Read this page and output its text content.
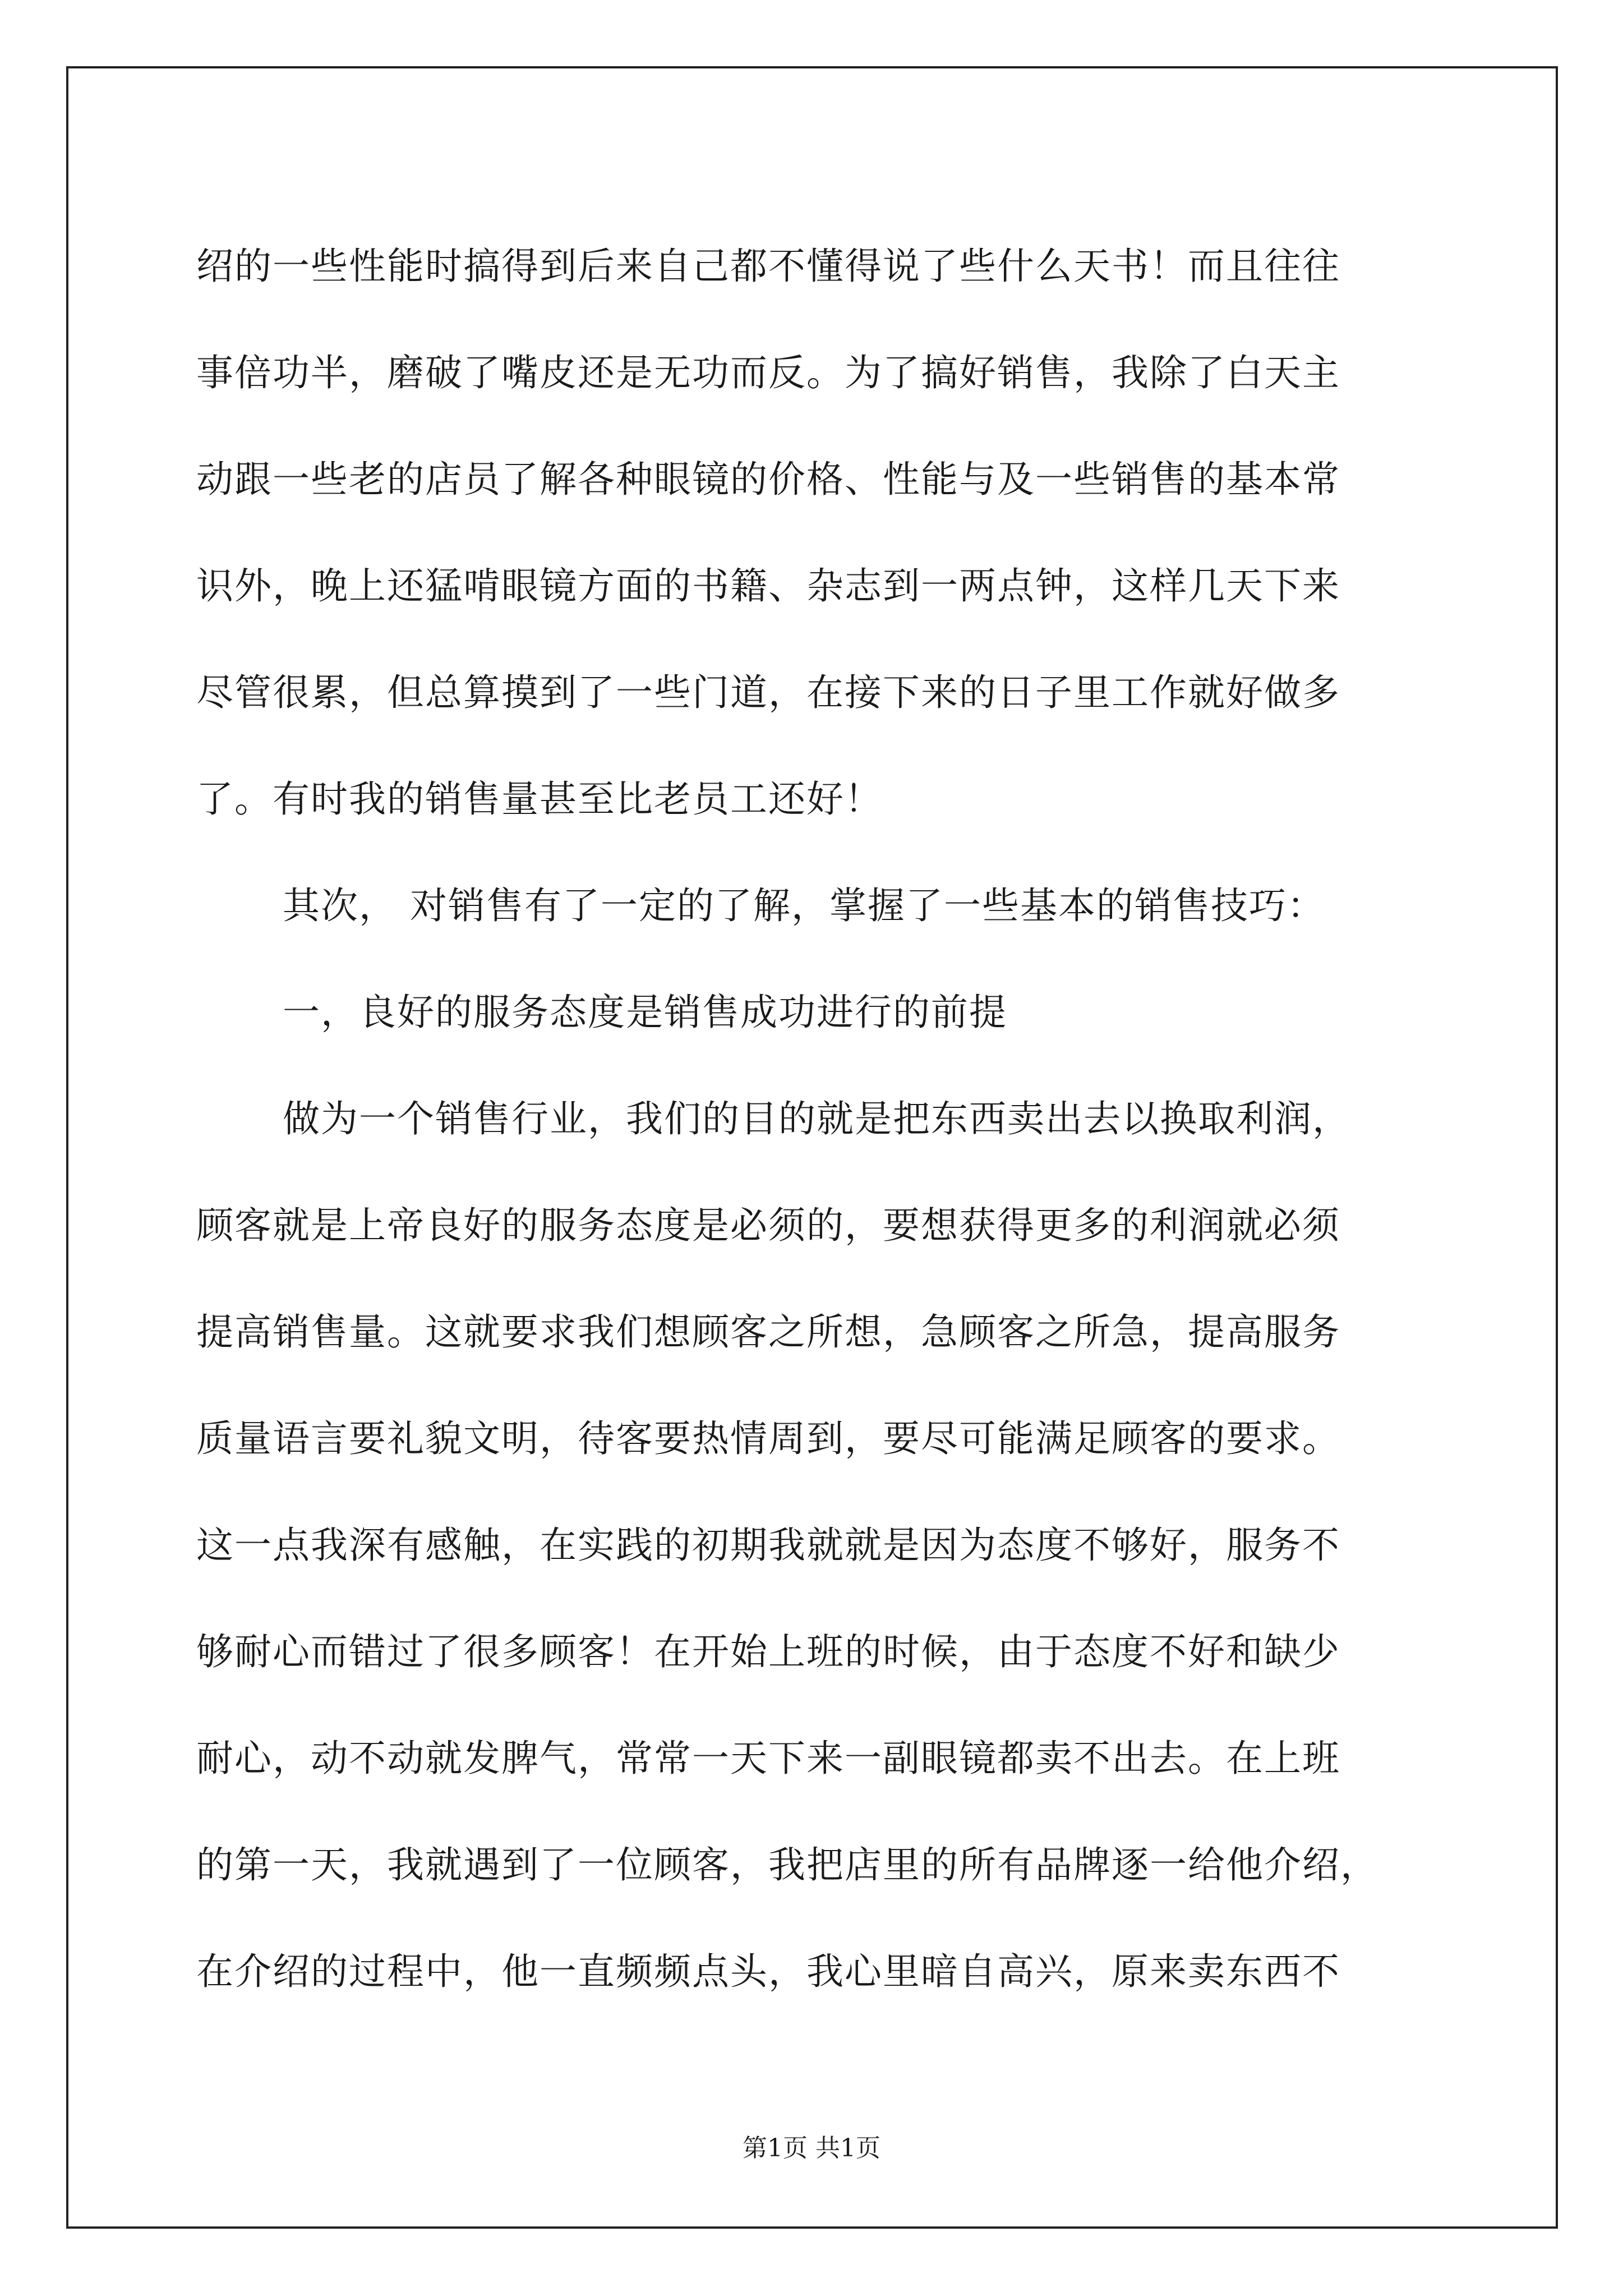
绍的一些性能时搞得到后来自己都不懂得说了些什么天书！而且往往
事倍功半，磨破了嘴皮还是无功而反。为了搞好销售，我除了白天主
动跟一些老的店员了解各种眼镜的价格、性能与及一些销售的基本常
识外，晚上还猛啃眼镜方面的书籍、杂志到一两点钟，这样几天下来
尽管很累，但总算摸到了一些门道，在接下来的日子里工作就好做多
了。有时我的销售量甚至比老员工还好！
其次， 对销售有了一定的了解，掌握了一些基本的销售技巧：
一，良好的服务态度是销售成功进行的前提
做为一个销售行业，我们的目的就是把东西卖出去以换取利润，
顾客就是上帝良好的服务态度是必须的，要想获得更多的利润就必须
提高销售量。这就要求我们想顾客之所想，急顾客之所急，提高服务
质量语言要礼貌文明，待客要热情周到，要尽可能满足顾客的要求。
这一点我深有感触，在实践的初期我就就是因为态度不够好，服务不
够耐心而错过了很多顾客！在开始上班的时候，由于态度不好和缺少
耐心，动不动就发脾气，常常一天下来一副眼镜都卖不出去。在上班
的第一天，我就遇到了一位顾客，我把店里的所有品牌逐一给他介绍，
在介绍的过程中，他一直频频点头，我心里暗自高兴，原来卖东西不
第1页 共1页
